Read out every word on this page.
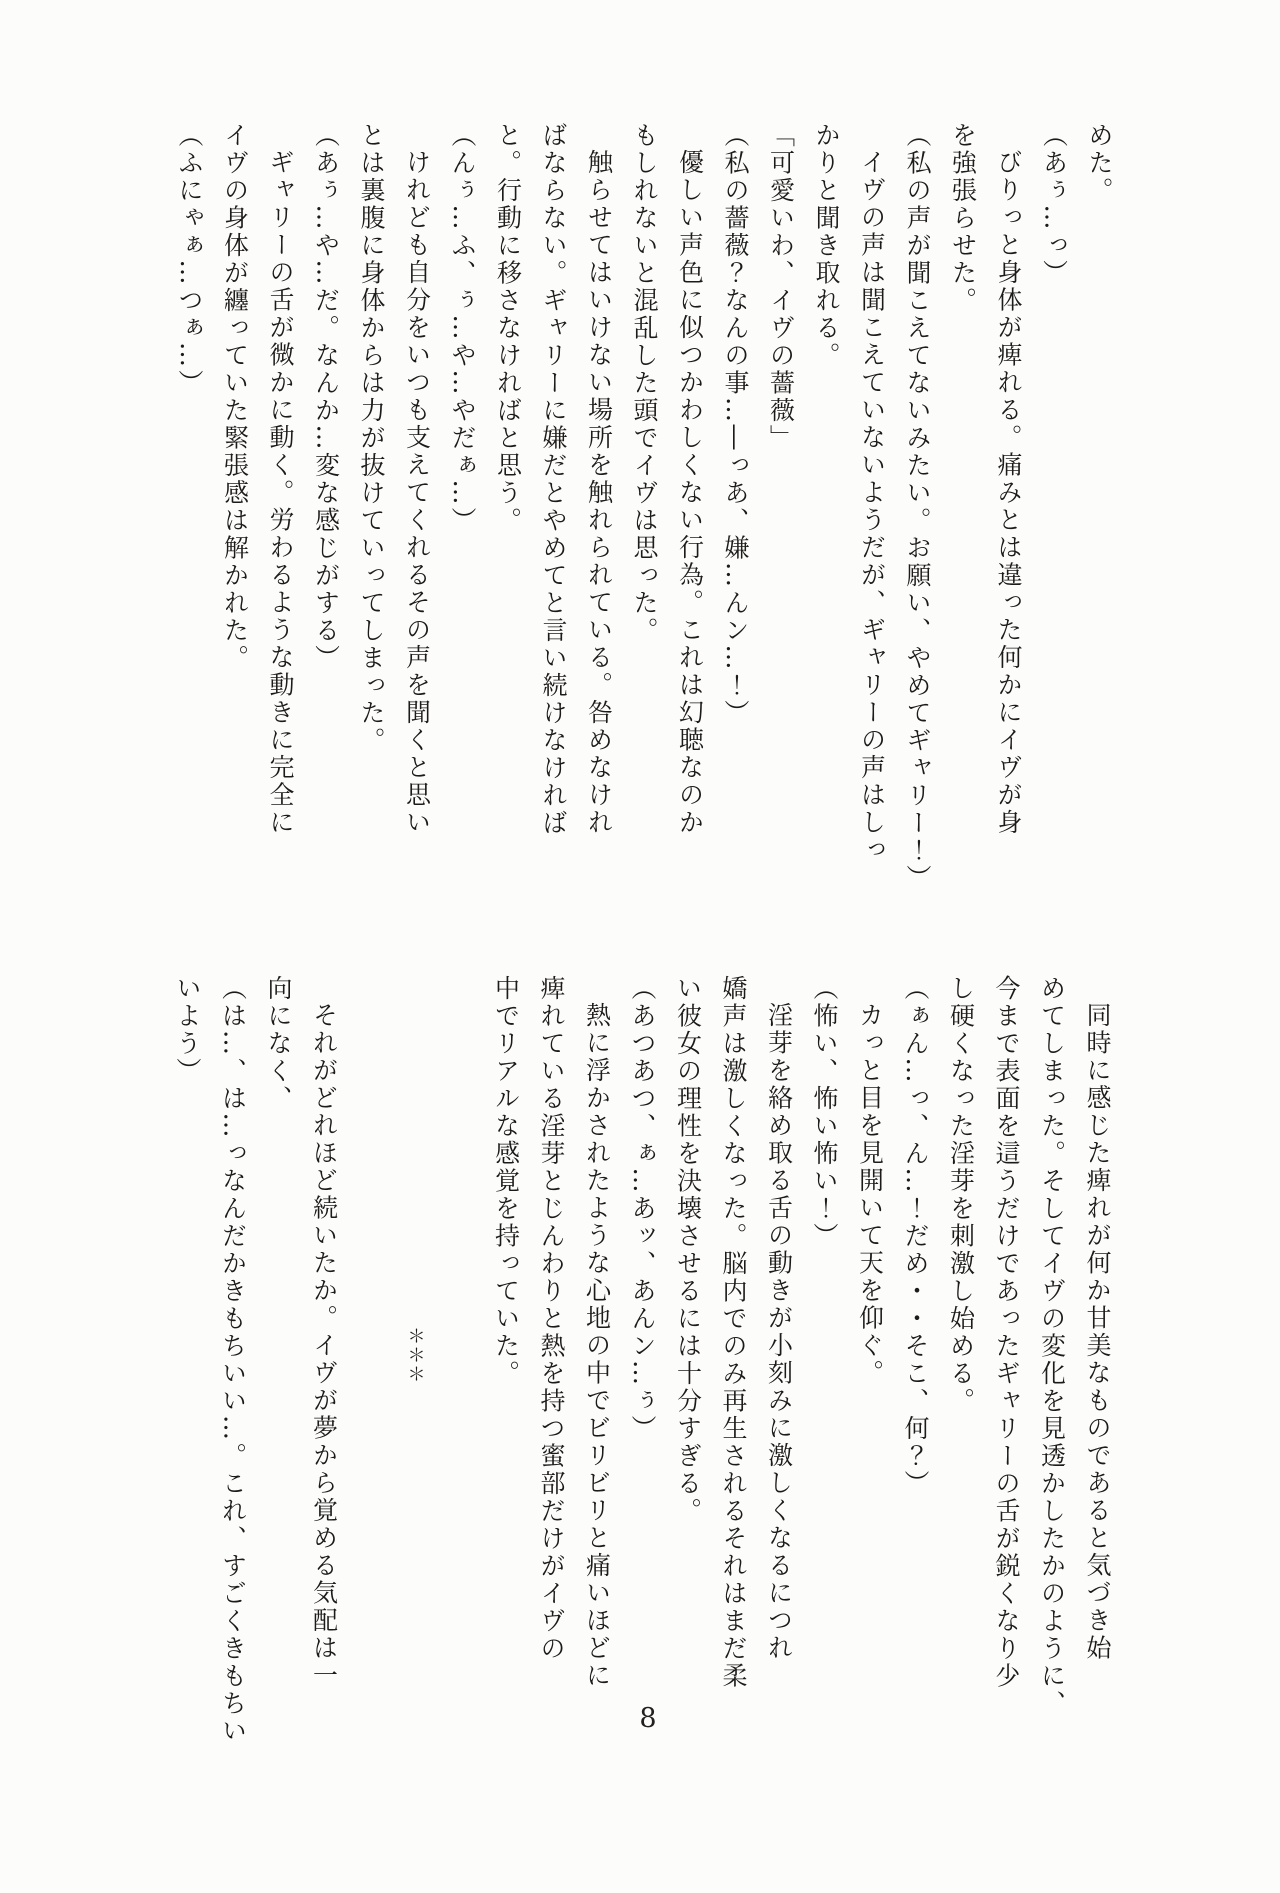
めた。
（あぅ…っ）
びりっと身体が痺れる。痛みとは違った何かにイヴが身
を強張らせた。
（私の声が聞こえてないみたい。お願い、やめてギャリー！）
イヴの声は聞こえていないようだが、ギャリーの声はしっ
かりと聞き取れる。
「可愛いわ、イヴの薔薇」
（私の薔薇？なんの事…―っあ、嫌…んン…！）
優しい声色に似つかわしくない行為。これは幻聴なのか
もしれないと混乱した頭でイヴは思った。
触らせてはいけない場所を触れられている。咎めなけれ
ばならない。ギャリーに嫌だとやめてと言い続けなければ
と。行動に移さなければと思う。
（んぅ…ふ、ぅ…や…やだぁ…）
けれども自分をいつも支えてくれるその声を聞くと思い
とは裏腹に身体からは力が抜けていってしまった。
（あぅ…や…だ。なんか…変な感じがする）
ギャリーの舌が微かに動く。労わるような動きに完全に
イヴの身体が纏っていた緊張感は解かれた。
（ふにゃぁ…つぁ…）
同時に感じた痺れが何か甘美なものであると気づき始
めてしまった。そしてイヴの変化を見透かしたかのように、
今まで表面を這うだけであったギャリーの舌が鋭くなり少
し硬くなった淫芽を刺激し始める。
（ぁん…っ、ん…！だめ・・そこ、何？）
カっと目を見開いて天を仰ぐ。
（怖い、怖い怖い！）
淫芽を絡め取る舌の動きが小刻みに激しくなるにつれ
嬌声は激しくなった。脳内でのみ再生されるそれはまだ柔
い彼女の理性を決壊させるには十分すぎる。
（あつあつ、ぁ…あッ、あんン…ぅ）
熱に浮かされたような心地の中でビリビリと痛いほどに
痺れている淫芽とじんわりと熱を持つ蜜部だけがイヴの
中でリアルな感覚を持っていた。

＊＊＊

それがどれほど続いたか。イヴが夢から覚める気配は一
向になく、
（は…、は…っなんだかきもちいい…。これ、すごくきもちい
いよう）
8
